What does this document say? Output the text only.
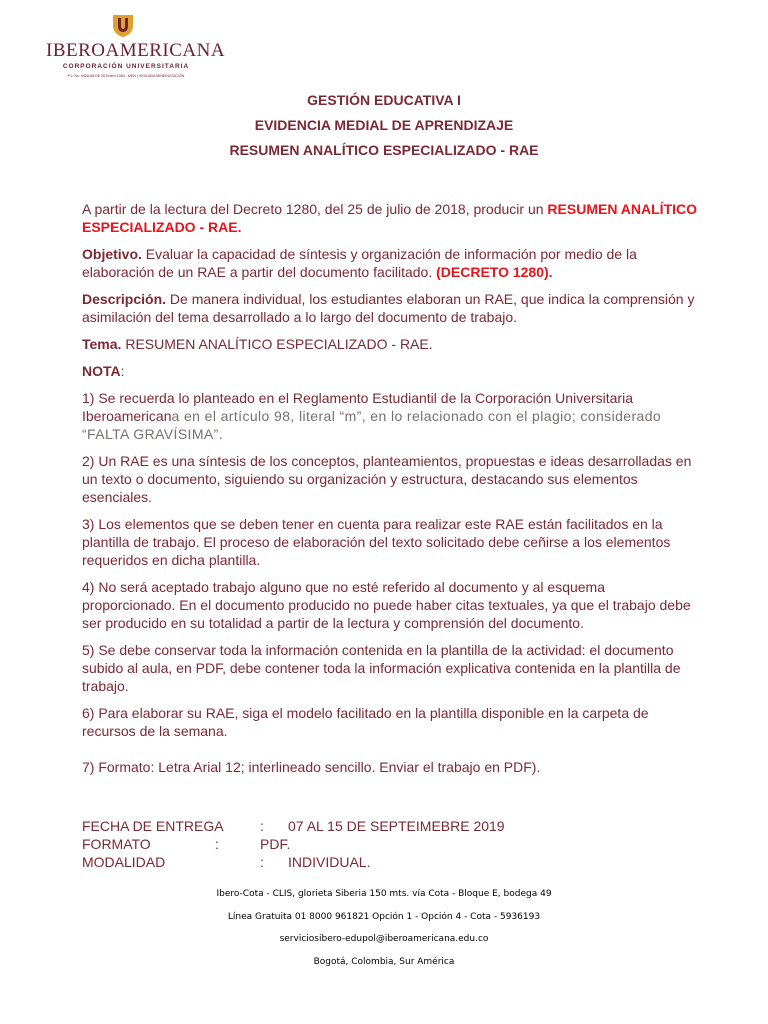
IBEROAMERICANA
CORPORACIÓN UNIVERSITARIA
P.J. No. 0428-68 DE 26 Enero 1983 - MEN | VIGILADA MINEDUCACIÓN
GESTIÓN EDUCATIVA I
EVIDENCIA MEDIAL DE APRENDIZAJE
RESUMEN ANALÍTICO ESPECIALIZADO - RAE

A partir de la lectura del Decreto 1280, del 25 de julio de 2018, producir un RESUMEN ANALÍTICO ESPECIALIZADO - RAE.

Objetivo. Evaluar la capacidad de síntesis y organización de información por medio de la elaboración de un RAE a partir del documento facilitado. (DECRETO 1280).

Descripción. De manera individual, los estudiantes elaboran un RAE, que indica la comprensión y asimilación del tema desarrollado a lo largo del documento de trabajo.

Tema. RESUMEN ANALÍTICO ESPECIALIZADO - RAE.

NOTA:

1) Se recuerda lo planteado en el Reglamento Estudiantil de la Corporación Universitaria Iberoamericana en el artículo 98, literal “m”, en lo relacionado con el plagio; considerado “FALTA GRAVÍSIMA”.

2) Un RAE es una síntesis de los conceptos, planteamientos, propuestas e ideas desarrolladas en un texto o documento, siguiendo su organización y estructura, destacando sus elementos esenciales.

3) Los elementos que se deben tener en cuenta para realizar este RAE están facilitados en la plantilla de trabajo. El proceso de elaboración del texto solicitado debe ceñirse a los elementos requeridos en dicha plantilla.

4) No será aceptado trabajo alguno que no esté referido al documento y al esquema proporcionado. En el documento producido no puede haber citas textuales, ya que el trabajo debe ser producido en su totalidad a partir de la lectura y comprensión del documento.

5) Se debe conservar toda la información contenida en la plantilla de la actividad: el documento subido al aula, en PDF, debe contener toda la información explicativa contenida en la plantilla de trabajo.

6) Para elaborar su RAE, siga el modelo facilitado en la plantilla disponible en la carpeta de recursos de la semana.

7) Formato: Letra Arial 12; interlineado sencillo. Enviar el trabajo en PDF).

FECHA DE ENTREGA	: 07 AL 15 DE SEPTEIMEBRE 2019
FORMATO	:	PDF.
MODALIDAD	: INDIVIDUAL.
Ibero-Cota - CLIS, glorieta Siberia 150 mts. vía Cota - Bloque E, bodega 49
Línea Gratuita 01 8000 961821 Opción 1 - Opción 4 - Cota - 5936193
serviciosibero-edupol@iberoamericana.edu.co
Bogotá, Colombia, Sur América
